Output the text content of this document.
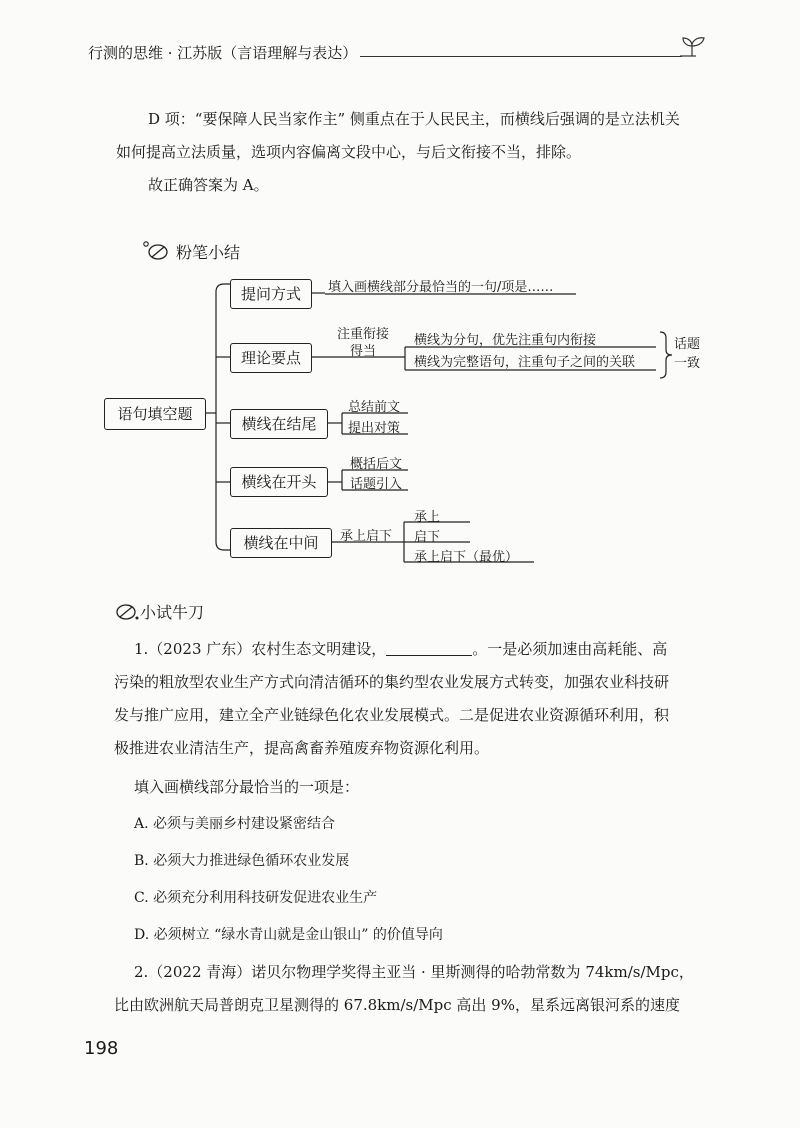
行测的思维 · 江苏版（言语理解与表达）
D 项：“要保障人民当家作主” 侧重点在于人民民主，而横线后强调的是立法机关
如何提高立法质量，选项内容偏离文段中心，与后文衔接不当，排除。
故正确答案为 A。
粉笔小结
语句填空题
提问方式
理论要点
横线在结尾
横线在开头
横线在中间
填入画横线部分最恰当的一句/项是……
注重衔接
得当
横线为分句，优先注重句内衔接
横线为完整语句，注重句子之间的关联
话题
一致
总结前文
提出对策
概括后文
话题引入
承上启下
承上
启下
承上启下（最优）
小试牛刀
1.（2023 广东）农村生态文明建设，	。一是必须加速由高耗能、高
污染的粗放型农业生产方式向清洁循环的集约型农业发展方式转变，加强农业科技研
发与推广应用，建立全产业链绿色化农业发展模式。二是促进农业资源循环利用，积
极推进农业清洁生产，提高禽畜养殖废弃物资源化利用。
填入画横线部分最恰当的一项是：
A. 必须与美丽乡村建设紧密结合
B. 必须大力推进绿色循环农业发展
C. 必须充分利用科技研发促进农业生产
D. 必须树立 “绿水青山就是金山银山” 的价值导向
2.（2022 青海）诺贝尔物理学奖得主亚当 · 里斯测得的哈勃常数为 74km/s/Mpc，
比由欧洲航天局普朗克卫星测得的 67.8km/s/Mpc 高出 9%，星系远离银河系的速度
198
